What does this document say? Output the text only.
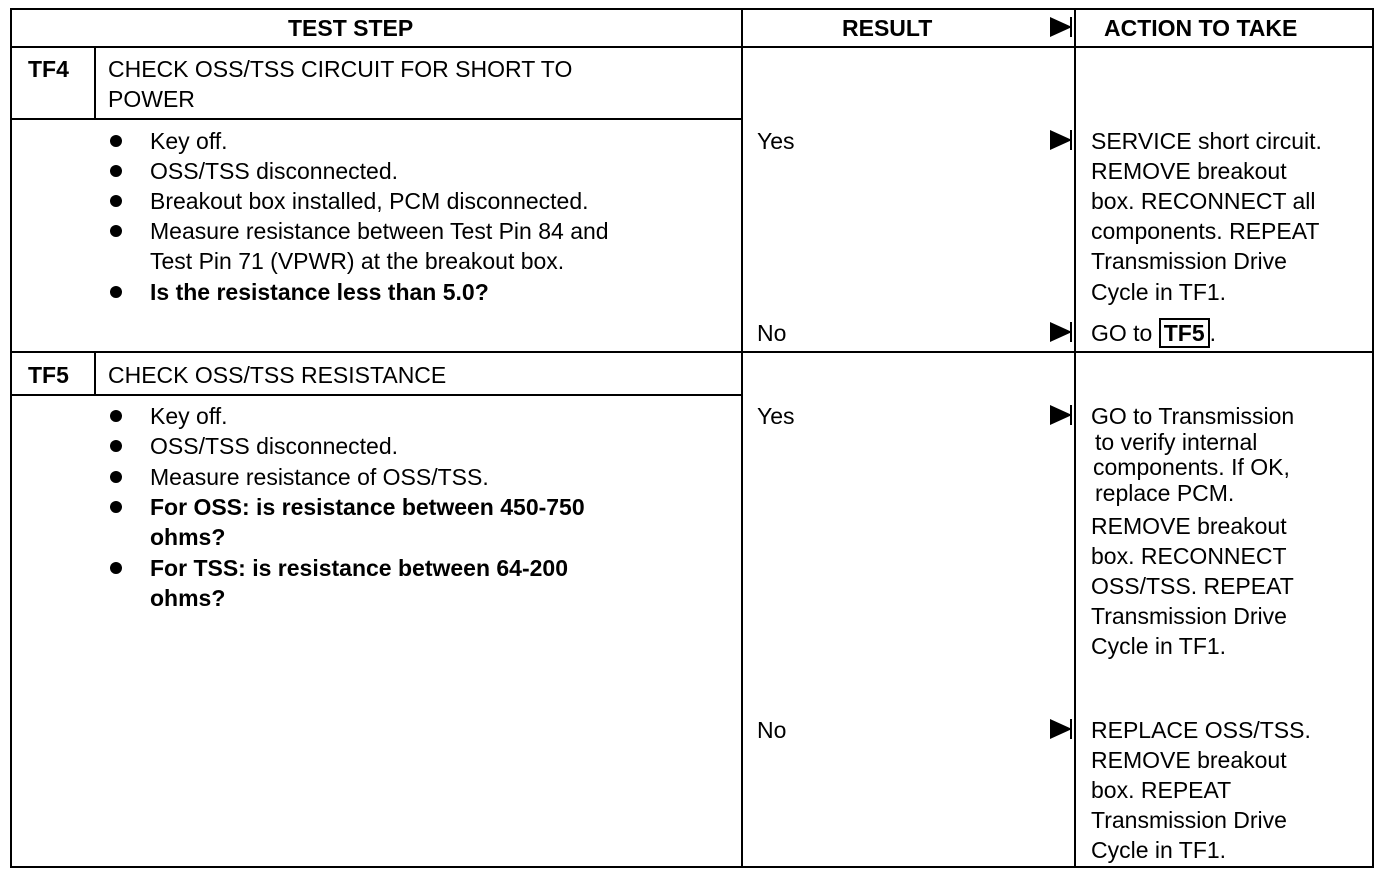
TEST STEP	RESULT	ACTION TO TAKE
TF4 CHECK OSS/TSS CIRCUIT FOR SHORT TO
POWER
Key off.
OSS/TSS disconnected.
Breakout box installed, PCM disconnected.
Measure resistance between Test Pin 84 and
Test Pin 71 (VPWR) at the breakout box.
Is the resistance less than 5.0?
Yes	SERVICE short circuit.
REMOVE breakout
box. RECONNECT all
components. REPEAT
Transmission Drive
Cycle in TF1.
No	GO to TF5 .
TF5 CHECK OSS/TSS RESISTANCE
Key off.
OSS/TSS disconnected.
Measure resistance of OSS/TSS.
For OSS: is resistance between 450-750
ohms?
For TSS: is resistance between 64-200
ohms?
Yes	GO to Transmission
to verify internal
components. If OK,
replace PCM.
REMOVE breakout
box. RECONNECT
OSS/TSS. REPEAT
Transmission Drive
Cycle in TF1.
No	REPLACE OSS/TSS.
REMOVE breakout
box. REPEAT
Transmission Drive
Cycle in TF1.
